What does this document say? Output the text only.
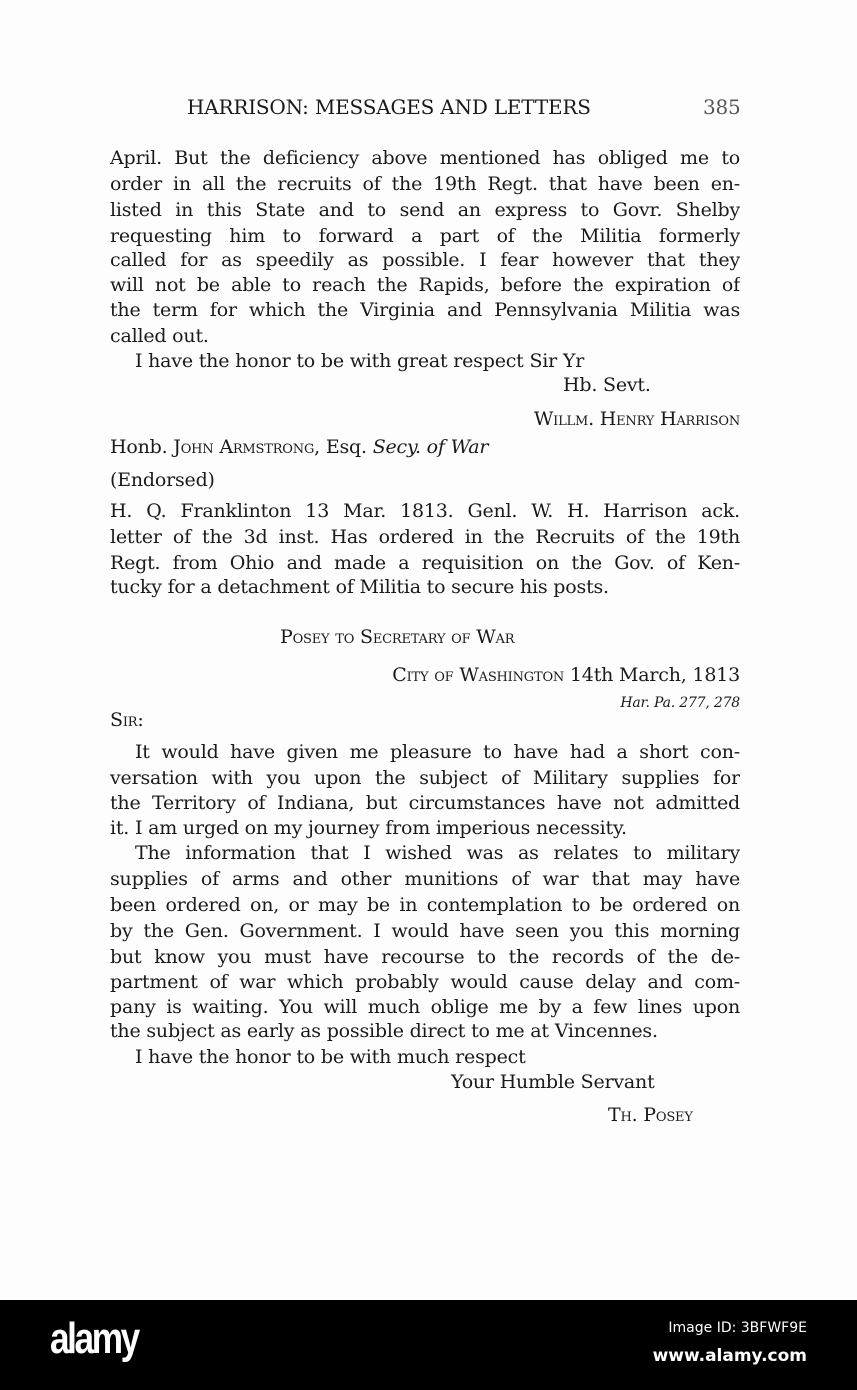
HARRISON: MESSAGES AND LETTERS	385
April. But the deficiency above mentioned has obliged me to
order in all the recruits of the 19th Regt. that have been en-
listed in this State and to send an express to Govr. Shelby
requesting him to forward a part of the Militia formerly
called for as speedily as possible. I fear however that they
will not be able to reach the Rapids, before the expiration of
the term for which the Virginia and Pennsylvania Militia was
called out.
I have the honor to be with great respect Sir Yr
Hb. Sevt.
Willm. Henry Harrison
Honb. John Armstrong, Esq. Secy. of War
(Endorsed)
H. Q. Franklinton 13 Mar. 1813. Genl. W. H. Harrison ack.
letter of the 3d inst. Has ordered in the Recruits of the 19th
Regt. from Ohio and made a requisition on the Gov. of Ken-
tucky for a detachment of Militia to secure his posts.
Posey to Secretary of War
City of Washington 14th March, 1813
Har. Pa. 277, 278
Sir:
It would have given me pleasure to have had a short con-
versation with you upon the subject of Military supplies for
the Territory of Indiana, but circumstances have not admitted
it. I am urged on my journey from imperious necessity.
The information that I wished was as relates to military
supplies of arms and other munitions of war that may have
been ordered on, or may be in contemplation to be ordered on
by the Gen. Government. I would have seen you this morning
but know you must have recourse to the records of the de-
partment of war which probably would cause delay and com-
pany is waiting. You will much oblige me by a few lines upon
the subject as early as possible direct to me at Vincennes.
I have the honor to be with much respect
Your Humble Servant
Th. Posey
alamy	Image ID: 3BFWF9E
www.alamy.com
